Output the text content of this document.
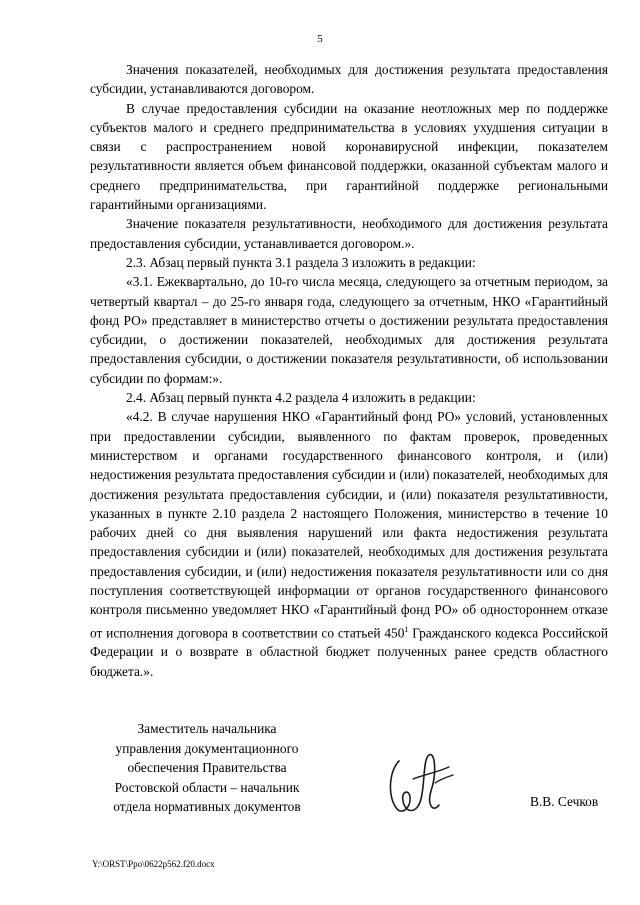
5

Значения показателей, необходимых для достижения результата предоставления субсидии, устанавливаются договором.

В случае предоставления субсидии на оказание неотложных мер по поддержке субъектов малого и среднего предпринимательства в условиях ухудшения ситуации в связи с распространением новой коронавирусной инфекции, показателем результативности является объем финансовой поддержки, оказанной субъектам малого и среднего предпринимательства, при гарантийной поддержке региональными гарантийными организациями.

Значение показателя результативности, необходимого для достижения результата предоставления субсидии, устанавливается договором.».

2.3. Абзац первый пункта 3.1 раздела 3 изложить в редакции:

«3.1. Ежеквартально, до 10-го числа месяца, следующего за отчетным периодом, за четвертый квартал – до 25-го января года, следующего за отчетным, НКО «Гарантийный фонд РО» представляет в министерство отчеты о достижении результата предоставления субсидии, о достижении показателей, необходимых для достижения результата предоставления субсидии, о достижении показателя результативности, об использовании субсидии по формам:».

2.4. Абзац первый пункта 4.2 раздела 4 изложить в редакции:

«4.2. В случае нарушения НКО «Гарантийный фонд РО» условий, установленных при предоставлении субсидии, выявленного по фактам проверок, проведенных министерством и органами государственного финансового контроля, и (или) недостижения результата предоставления субсидии и (или) показателей, необходимых для достижения результата предоставления субсидии, и (или) показателя результативности, указанных в пункте 2.10 раздела 2 настоящего Положения, министерство в течение 10 рабочих дней со дня выявления нарушений или факта недостижения результата предоставления субсидии и (или) показателей, необходимых для достижения результата предоставления субсидии, и (или) недостижения показателя результативности или со дня поступления соответствующей информации от органов государственного финансового контроля письменно уведомляет НКО «Гарантийный фонд РО» об одностороннем отказе от исполнения договора в соответствии со статьей $450^1$ Гражданского кодекса Российской Федерации и о возврате в областной бюджет полученных ранее средств областного бюджета.».

Заместитель начальника
управления документационного
обеспечения Правительства
Ростовской области – начальник
отдела нормативных документов	В.В. Сечков
Y:\ORST\Ppo\0622p562.f20.docx
